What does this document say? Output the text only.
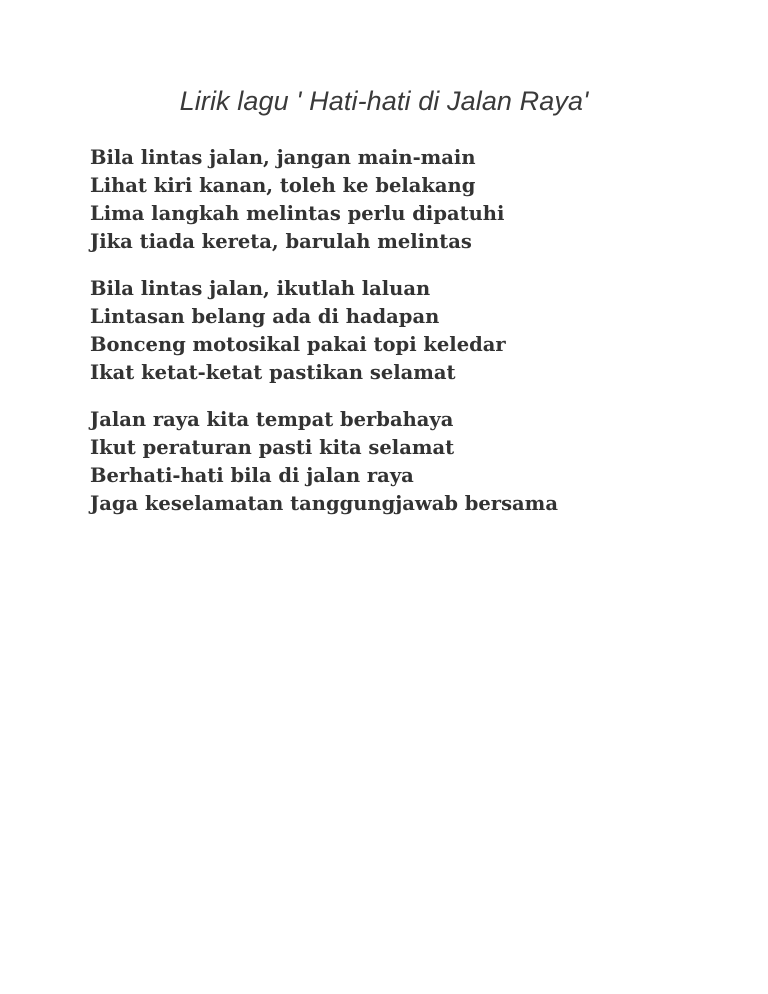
Lirik lagu ' Hati-hati di Jalan Raya'
Bila lintas jalan, jangan main-main
Lihat kiri kanan, toleh ke belakang
Lima langkah melintas perlu dipatuhi
Jika tiada kereta, barulah melintas
Bila lintas jalan, ikutlah laluan
Lintasan belang ada di hadapan
Bonceng motosikal pakai topi keledar
Ikat ketat-ketat pastikan selamat
Jalan raya kita tempat berbahaya
Ikut peraturan pasti kita selamat
Berhati-hati bila di jalan raya
Jaga keselamatan tanggungjawab bersama
